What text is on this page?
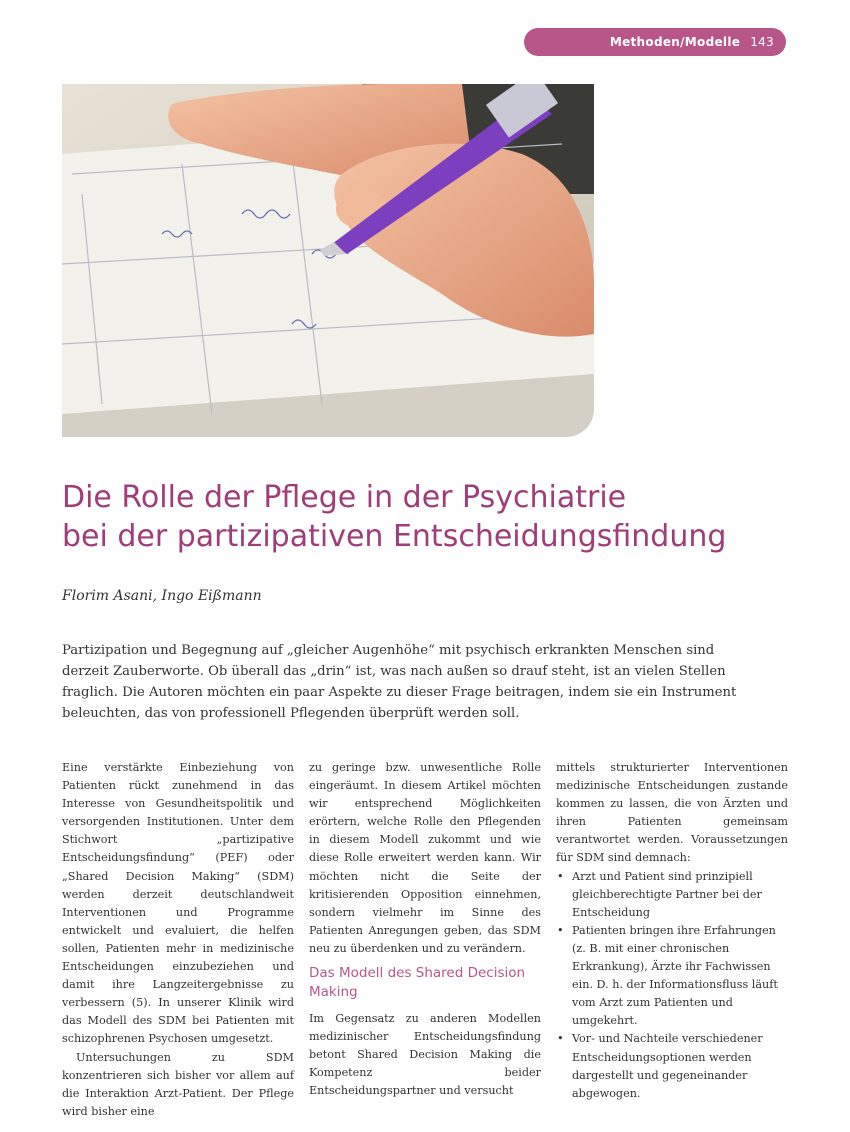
Methoden/Modelle 143
Die Rolle der Pflege in der Psychiatrie
bei der partizipativen Entscheidungsfindung
Florim Asani, Ingo Eißmann

Partizipation und Begegnung auf „gleicher Augenhöhe“ mit psychisch erkrankten Menschen sind derzeit Zauberworte. Ob überall das „drin“ ist, was nach außen so drauf steht, ist an vielen Stellen fraglich. Die Autoren möchten ein paar Aspekte zu dieser Frage beitragen, indem sie ein Instrument beleuchten, das von professionell Pflegenden überprüft werden soll.

Eine verstärkte Einbeziehung von Patienten rückt zunehmend in das Interesse von Gesundheitspolitik und versorgenden Institutionen. Unter dem Stichwort „partizipative Entscheidungsfindung“ (PEF) oder „Shared Decision Making“ (SDM) werden derzeit deutschlandweit Interventionen und Programme entwickelt und evaluiert, die helfen sollen, Patienten mehr in medizinische Entscheidungen einzubeziehen und damit ihre Langzeitergebnisse zu verbessern (5). In unserer Klinik wird das Modell des SDM bei Patienten mit schizophrenen Psychosen umgesetzt.

Untersuchungen zu SDM konzentrieren sich bisher vor allem auf die Interaktion Arzt-Patient. Der Pflege wird bisher eine

zu geringe bzw. unwesentliche Rolle eingeräumt. In diesem Artikel möchten wir entsprechend Möglichkeiten erörtern, welche Rolle den Pflegenden in diesem Modell zukommt und wie diese Rolle erweitert werden kann. Wir möchten nicht die Seite der kritisierenden Opposition einnehmen, sondern vielmehr im Sinne des Patienten Anregungen geben, das SDM neu zu überdenken und zu verändern.

Das Modell des Shared Decision Making

Im Gegensatz zu anderen Modellen medizinischer Entscheidungsfindung betont Shared Decision Making die Kompetenz beider Entscheidungspartner und versucht

mittels strukturierter Interventionen medizinische Entscheidungen zustande kommen zu lassen, die von Ärzten und ihren Patienten gemeinsam verantwortet werden. Voraussetzungen für SDM sind demnach:

• Arzt und Patient sind prinzipiell gleichberechtigte Partner bei der Entscheidung
• Patienten bringen ihre Erfahrungen (z. B. mit einer chronischen Erkrankung), Ärzte ihr Fachwissen ein. D. h. der Informationsfluss läuft vom Arzt zum Patienten und umgekehrt.
• Vor- und Nachteile verschiedener Entscheidungsoptionen werden dargestellt und gegeneinander abgewogen.
